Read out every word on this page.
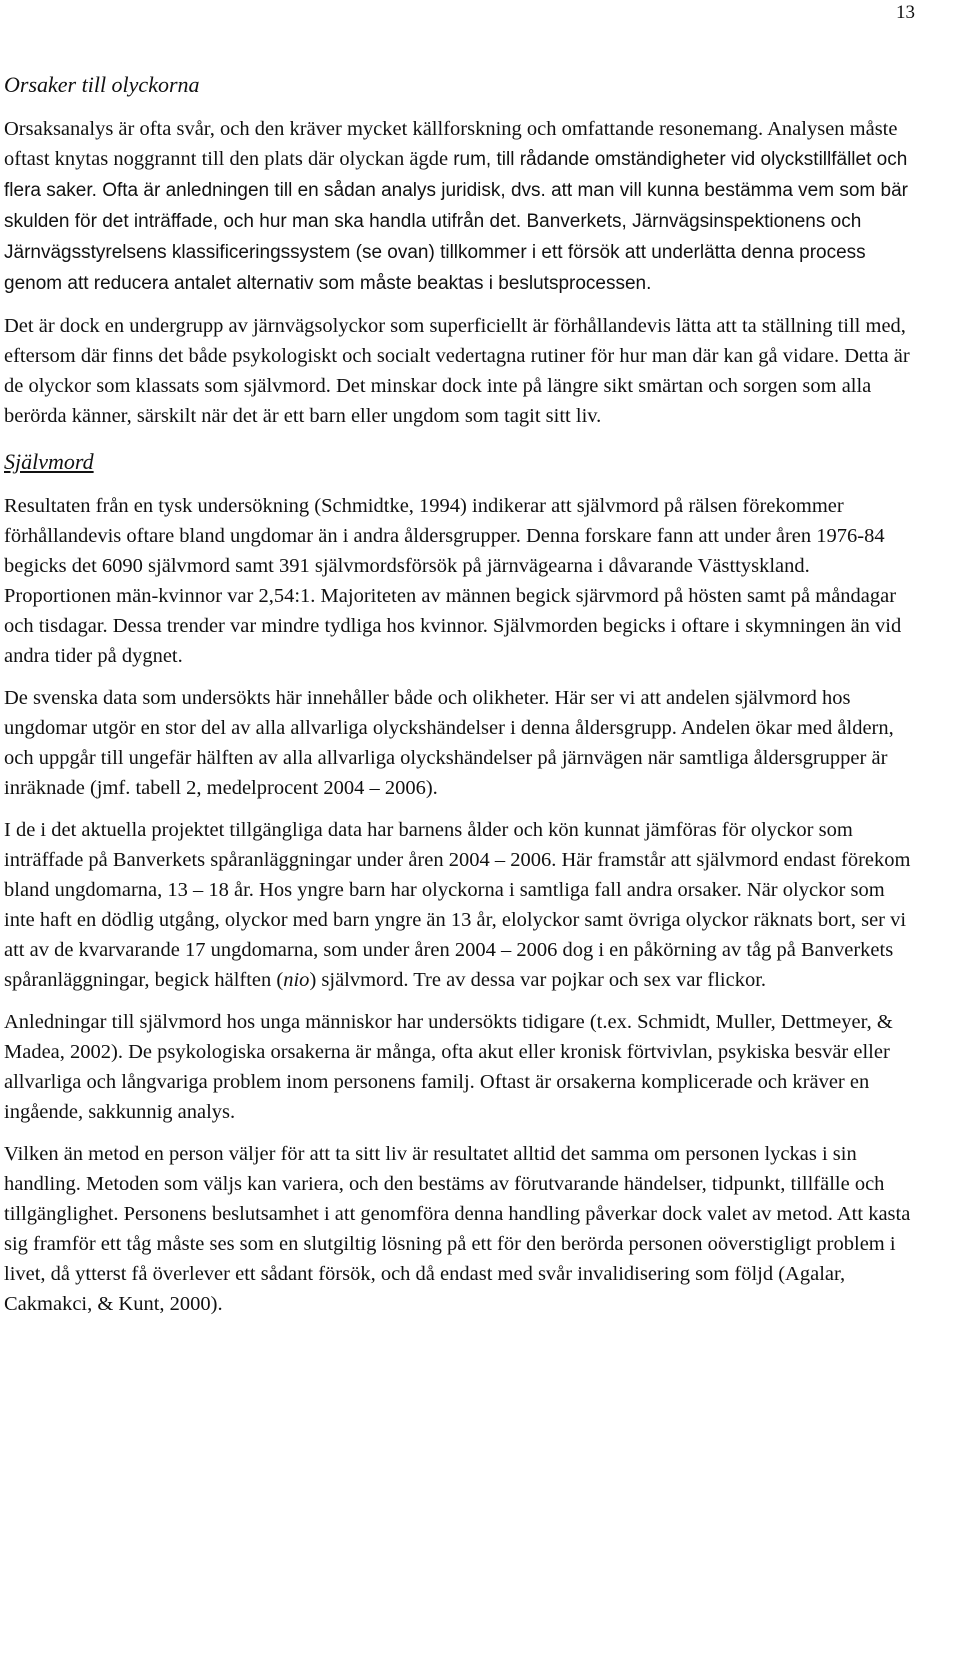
13
Orsaker till olyckorna

Orsaksanalys är ofta svår, och den kräver mycket källforskning och omfattande resonemang. Analysen måste oftast knytas noggrannt till den plats där olyckan ägde rum, till rådande omständigheter vid olyckstillfället och flera saker. Ofta är anledningen till en sådan analys juridisk, dvs. att man vill kunna bestämma vem som bär skulden för det inträffade, och hur man ska handla utifrån det. Banverkets, Järnvägsinspektionens och Järnvägsstyrelsens klassificeringssystem (se ovan) tillkommer i ett försök att underlätta denna process genom att reducera antalet alternativ som måste beaktas i beslutsprocessen.

Det är dock en undergrupp av järnvägsolyckor som superficiellt är förhållandevis lätta att ta ställning till med, eftersom där finns det både psykologiskt och socialt vedertagna rutiner för hur man där kan gå vidare. Detta är de olyckor som klassats som självmord. Det minskar dock inte på längre sikt smärtan och sorgen som alla berörda känner, särskilt när det är ett barn eller ungdom som tagit sitt liv.

Självmord

Resultaten från en tysk undersökning (Schmidtke, 1994) indikerar att självmord på rälsen förekommer förhållandevis oftare bland ungdomar än i andra åldersgrupper. Denna forskare fann att under åren 1976-84 begicks det 6090 självmord samt 391 självmordsförsök på järnvägearna i dåvarande Västtyskland. Proportionen män-kvinnor var 2,54:1. Majoriteten av männen begick sjärvmord på hösten samt på måndagar och tisdagar. Dessa trender var mindre tydliga hos kvinnor. Självmorden begicks i oftare i skymningen än vid andra tider på dygnet.

De svenska data som undersökts här innehåller både och olikheter. Här ser vi att andelen självmord hos ungdomar utgör en stor del av alla allvarliga olyckshändelser i denna åldersgrupp. Andelen ökar med åldern, och uppgår till ungefär hälften av alla allvarliga olyckshändelser på järnvägen när samtliga åldersgrupper är inräknade (jmf. tabell 2, medelprocent 2004 – 2006).

I de i det aktuella projektet tillgängliga data har barnens ålder och kön kunnat jämföras för olyckor som inträffade på Banverkets spåranläggningar under åren 2004 – 2006. Här framstår att självmord endast förekom bland ungdomarna, 13 – 18 år. Hos yngre barn har olyckorna i samtliga fall andra orsaker. När olyckor som inte haft en dödlig utgång, olyckor med barn yngre än 13 år, elolyckor samt övriga olyckor räknats bort, ser vi att av de kvarvarande 17 ungdomarna, som under åren 2004 – 2006 dog i en påkörning av tåg på Banverkets spåranläggningar, begick hälften (nio) självmord. Tre av dessa var pojkar och sex var flickor.

Anledningar till självmord hos unga människor har undersökts tidigare (t.ex. Schmidt, Muller, Dettmeyer, & Madea, 2002). De psykologiska orsakerna är många, ofta akut eller kronisk förtvivlan, psykiska besvär eller allvarliga och långvariga problem inom personens familj. Oftast är orsakerna komplicerade och kräver en ingående, sakkunnig analys.

Vilken än metod en person väljer för att ta sitt liv är resultatet alltid det samma om personen lyckas i sin handling. Metoden som väljs kan variera, och den bestäms av förutvarande händelser, tidpunkt, tillfälle och tillgänglighet. Personens beslutsamhet i att genomföra denna handling påverkar dock valet av metod. Att kasta sig framför ett tåg måste ses som en slutgiltig lösning på ett för den berörda personen oöverstigligt problem i livet, då ytterst få överlever ett sådant försök, och då endast med svår invalidisering som följd (Agalar, Cakmakci, & Kunt, 2000).
